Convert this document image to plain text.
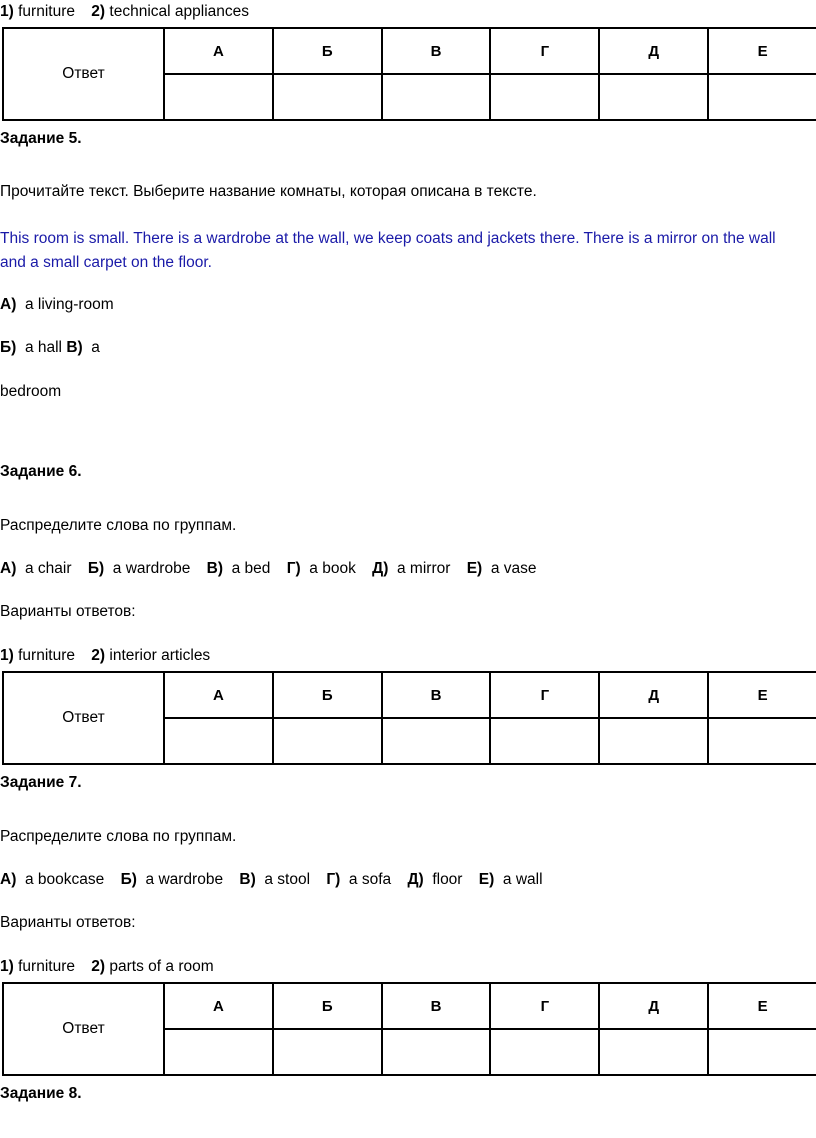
1) furniture 2) technical appliances
Ответ	А	Б	В	Г	Д	Е

Задание 5.
Прочитайте текст. Выберите название комнаты, которая описана в тексте.
This room is small. There is a wardrobe at the wall, we keep coats and jackets there. There is a mirror on the wall
and a small carpet on the floor.
А) a living-room
Б) a hall В) a
bedroom
Задание 6.
Распределите слова по группам.
А) a chair Б) a wardrobe В) a bed Г) a book Д) a mirror Е) a vase
Варианты ответов:
1) furniture 2) interior articles
Ответ	А	Б	В	Г	Д	Е

Задание 7.
Распределите слова по группам.
А) a bookcase Б) a wardrobe В) a stool Г) a sofa Д) floor Е) a wall
Варианты ответов:
1) furniture 2) parts of a room
Ответ	А	Б	В	Г	Д	Е

Задание 8.
